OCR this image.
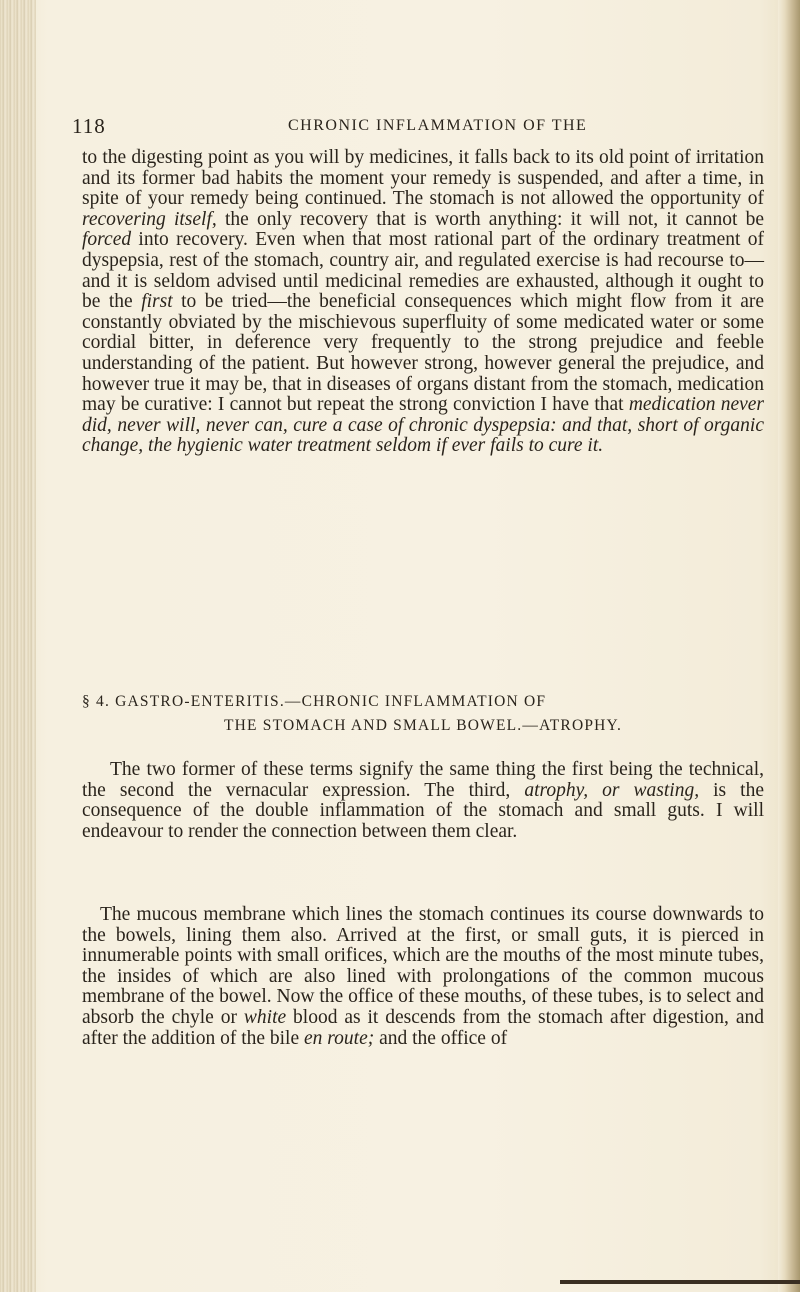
118	CHRONIC INFLAMMATION OF THE

to the digesting point as you will by medicines, it falls back to its old point of irritation and its former bad habits the moment your remedy is suspended, and after a time, in spite of your remedy being continued. The stomach is not allowed the opportunity of recovering itself, the only recovery that is worth anything: it will not, it cannot be forced into recovery. Even when that most rational part of the ordinary treatment of dyspepsia, rest of the stomach, country air, and regulated exercise is had recourse to—and it is seldom advised until medicinal remedies are exhausted, although it ought to be the first to be tried—the beneficial consequences which might flow from it are constantly obviated by the mischievous superfluity of some medicated water or some cordial bitter, in deference very frequently to the strong prejudice and feeble understanding of the patient. But however strong, however general the prejudice, and however true it may be, that in diseases of organs distant from the stomach, medication may be curative: I cannot but repeat the strong conviction I have that medication never did, never will, never can, cure a case of chronic dyspepsia: and that, short of organic change, the hygienic water treatment seldom if ever fails to cure it.

§ 4. GASTRO-ENTERITIS.—CHRONIC INFLAMMATION OF
THE STOMACH AND SMALL BOWEL.—ATROPHY.

The two former of these terms signify the same thing the first being the technical, the second the vernacular expression. The third, atrophy, or wasting, is the consequence of the double inflammation of the stomach and small guts. I will endeavour to render the connection between them clear.

The mucous membrane which lines the stomach continues its course downwards to the bowels, lining them also. Arrived at the first, or small guts, it is pierced in innumerable points with small orifices, which are the mouths of the most minute tubes, the insides of which are also lined with prolongations of the common mucous membrane of the bowel. Now the office of these mouths, of these tubes, is to select and absorb the chyle or white blood as it descends from the stomach after digestion, and after the addition of the bile en route; and the office of
